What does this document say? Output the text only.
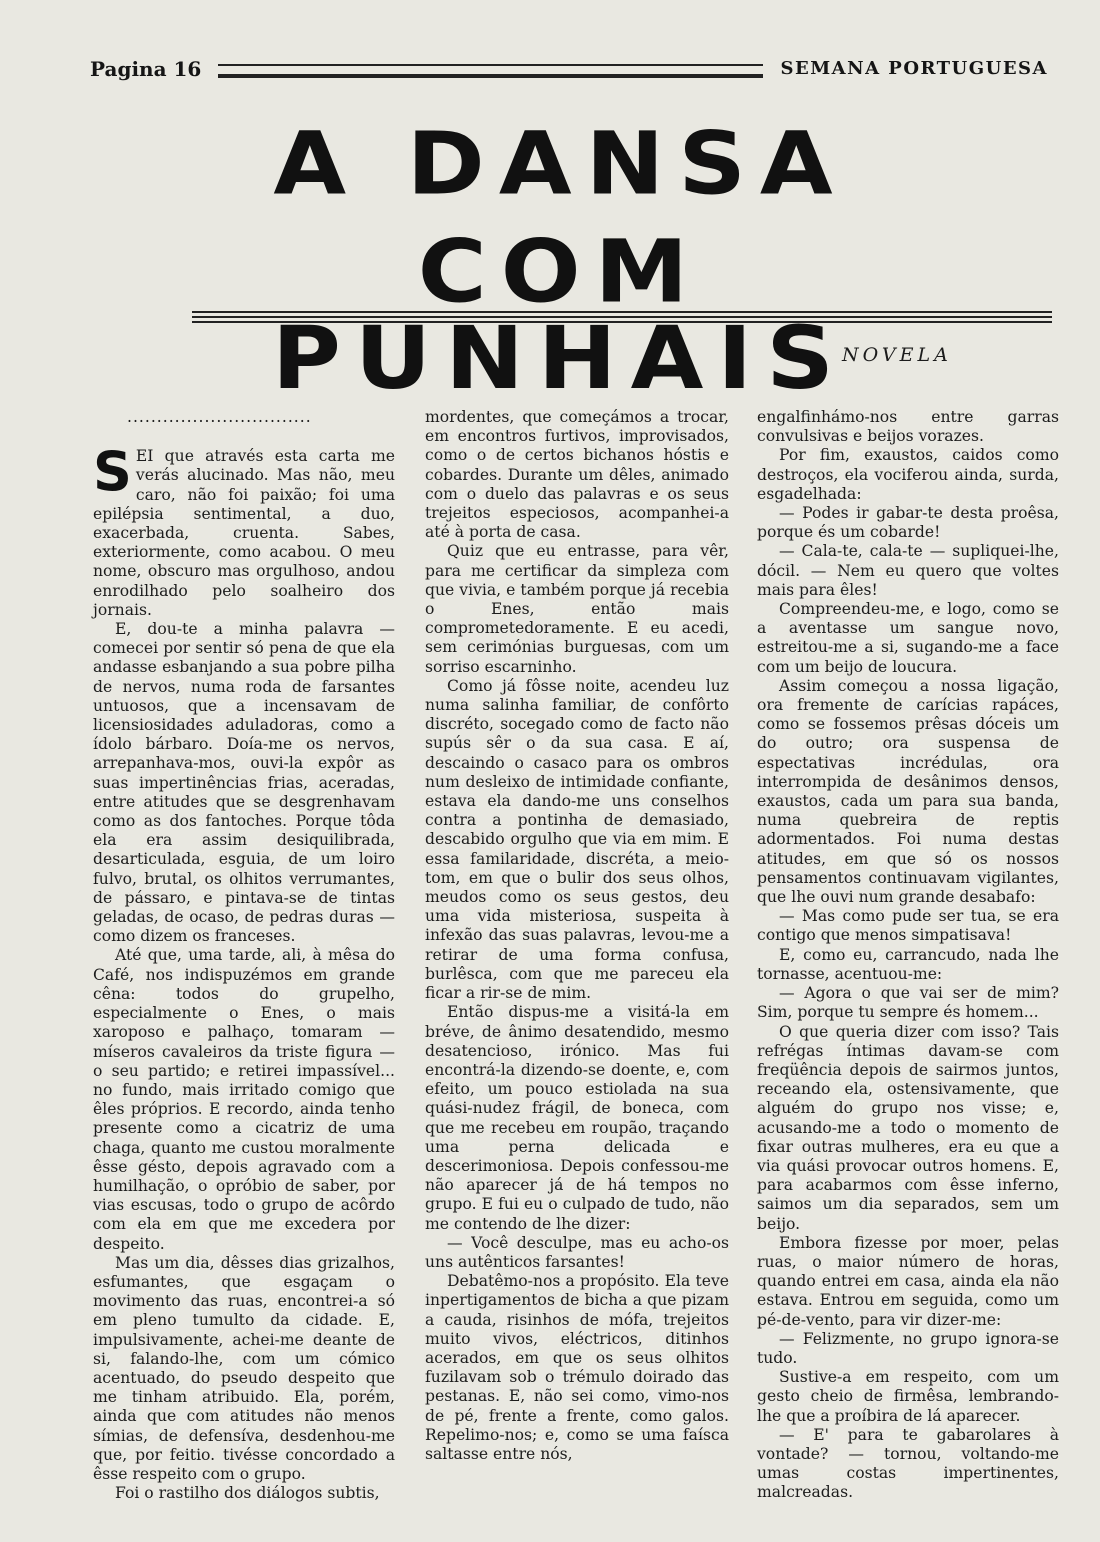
Pagina 16	SEMANA PORTUGUESA
A DANSA
COM PUNHAIS
NOVELA

...............................

SEI que através esta carta me verás alucinado. Mas não, meu caro, não foi paixão; foi uma epilépsia sentimental, a duo, exacerbada, cruenta. Sabes, exteriormente, como acabou. O meu nome, obscuro mas orgulhoso, andou enrodilhado pelo soalheiro dos jornais.

E, dou-te a minha palavra — comecei por sentir só pena de que ela andasse esbanjando a sua pobre pilha de nervos, numa roda de farsantes untuosos, que a incensavam de licensiosidades aduladoras, como a ídolo bárbaro. Doía-me os nervos, arrepanhava-mos, ouvi-la expôr as suas impertinências frias, aceradas, entre atitudes que se desgrenhavam como as dos fantoches. Porque tôda ela era assim desiquilibrada, desarticulada, esguia, de um loiro fulvo, brutal, os olhitos verrumantes, de pássaro, e pintava-se de tintas geladas, de ocaso, de pedras duras — como dizem os franceses.

Até que, uma tarde, ali, à mêsa do Café, nos indispuzémos em grande cêna: todos do grupelho, especialmente o Enes, o mais xaroposo e palhaço, tomaram — míseros cavaleiros da triste figura — o seu partido; e retirei impassível... no fundo, mais irritado comigo que êles próprios. E recordo, ainda tenho presente como a cicatriz de uma chaga, quanto me custou moralmente êsse gésto, depois agravado com a humilhação, o opróbio de saber, por vias escusas, todo o grupo de acôrdo com ela em que me excedera por despeito.

Mas um dia, dêsses dias grizalhos, esfumantes, que esgaçam o movimento das ruas, encontrei-a só em pleno tumulto da cidade. E, impulsivamente, achei-me deante de si, falando-lhe, com um cómico acentuado, do pseudo despeito que me tinham atribuido. Ela, porém, ainda que com atitudes não menos símias, de defensíva, desdenhou-me que, por feitio. tivésse concordado a êsse respeito com o grupo.

Foi o rastilho dos diálogos subtis,

mordentes, que começámos a trocar, em encontros furtivos, improvisados, como o de certos bichanos hóstis e cobardes. Durante um dêles, animado com o duelo das palavras e os seus trejeitos especiosos, acompanhei-a até à porta de casa.

Quiz que eu entrasse, para vêr, para me certificar da simpleza com que vivia, e também porque já recebia o Enes, então mais comprometedoramente. E eu acedi, sem cerimónias burguesas, com um sorriso escarninho.

Como já fôsse noite, acendeu luz numa salinha familiar, de confôrto discréto, socegado como de facto não supús sêr o da sua casa. E aí, descaindo o casaco para os ombros num desleixo de intimidade confiante, estava ela dando-me uns conselhos contra a pontinha de demasiado, descabido orgulho que via em mim. E essa familaridade, discréta, a meio-tom, em que o bulir dos seus olhos, meudos como os seus gestos, deu uma vida misteriosa, suspeita à infexão das suas palavras, levou-me a retirar de uma forma confusa, burlêsca, com que me pareceu ela ficar a rir-se de mim.

Então dispus-me a visitá-la em bréve, de ânimo desatendido, mesmo desatencioso, irónico. Mas fui encontrá-la dizendo-se doente, e, com efeito, um pouco estiolada na sua quási-nudez frágil, de boneca, com que me recebeu em roupão, traçando uma perna delicada e descerimoniosa. Depois confessou-me não aparecer já de há tempos no grupo. E fui eu o culpado de tudo, não me contendo de lhe dizer:

— Você desculpe, mas eu acho-os uns autênticos farsantes!

Debatêmo-nos a propósito. Ela teve inpertigamentos de bicha a que pizam a cauda, risinhos de mófa, trejeitos muito vivos, eléctricos, ditinhos acerados, em que os seus olhitos fuzilavam sob o trémulo doirado das pestanas. E, não sei como, vimo-nos de pé, frente a frente, como galos. Repelimo-nos; e, como se uma faísca saltasse entre nós,

engalfinhámo-nos entre garras convulsivas e beijos vorazes.

Por fim, exaustos, caidos como destroços, ela vociferou ainda, surda, esgadelhada:

— Podes ir gabar-te desta proêsa, porque és um cobarde!

— Cala-te, cala-te — supliquei-lhe, dócil. — Nem eu quero que voltes mais para êles!

Compreendeu-me, e logo, como se a aventasse um sangue novo, estreitou-me a si, sugando-me a face com um beijo de loucura.

Assim começou a nossa ligação, ora fremente de carícias rapáces, como se fossemos prêsas dóceis um do outro; ora suspensa de espectativas incrédulas, ora interrompida de desânimos densos, exaustos, cada um para sua banda, numa quebreira de reptis adormentados. Foi numa destas atitudes, em que só os nossos pensamentos continuavam vigilantes, que lhe ouvi num grande desabafo:

— Mas como pude ser tua, se era contigo que menos simpatisava!

E, como eu, carrancudo, nada lhe tornasse, acentuou-me:

— Agora o que vai ser de mim? Sim, porque tu sempre és homem...

O que queria dizer com isso? Tais refrégas íntimas davam-se com freqüência depois de sairmos juntos, receando ela, ostensivamente, que alguém do grupo nos visse; e, acusando-me a todo o momento de fixar outras mulheres, era eu que a via quási provocar outros homens. E, para acabarmos com êsse inferno, saimos um dia separados, sem um beijo.

Embora fizesse por moer, pelas ruas, o maior número de horas, quando entrei em casa, ainda ela não estava. Entrou em seguida, como um pé-de-vento, para vir dizer-me:

— Felizmente, no grupo ignora-se tudo.

Sustive-a em respeito, com um gesto cheio de firmêsa, lembrando-lhe que a proíbira de lá aparecer.

— E' para te gabarolares à vontade? — tornou, voltando-me umas costas impertinentes, malcreadas.
